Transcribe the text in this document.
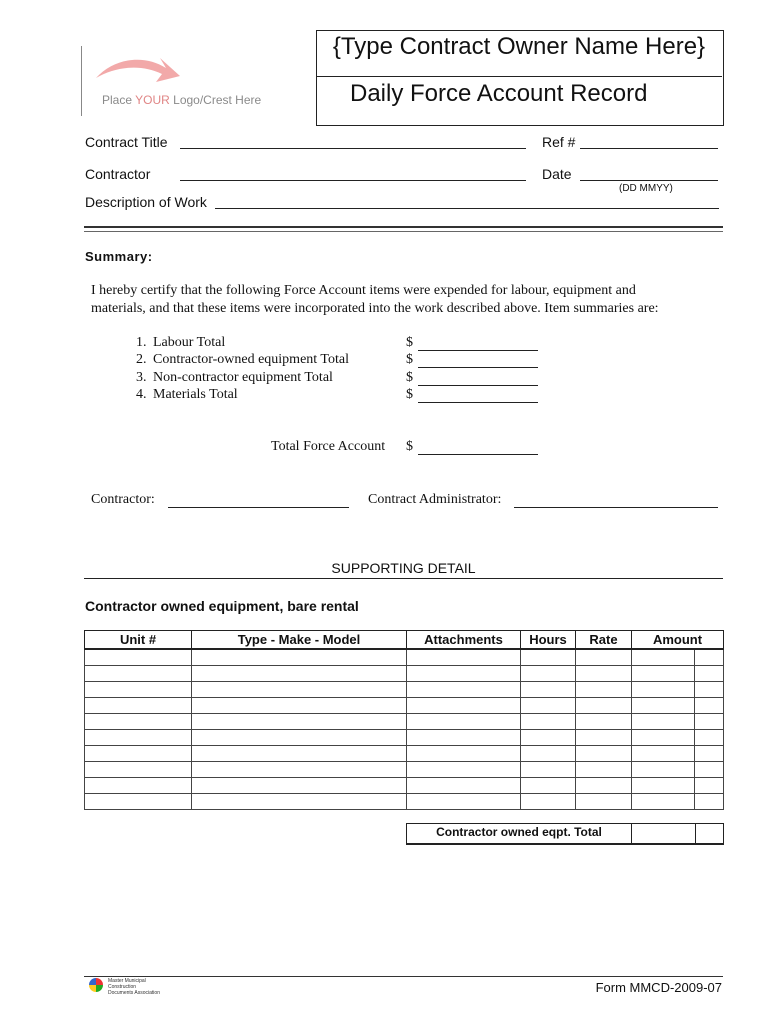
Place YOUR Logo/Crest Here
{Type Contract Owner Name Here}
Daily Force Account Record
Contract Title	Ref #
Contractor	Date
(DD MMYY)
Description of Work
Summary:
I hereby certify that the following Force Account items were expended for labour, equipment and
materials, and that these items were incorporated into the work described above. Item summaries are:
1. Labour Total	$
2. Contractor-owned equipment Total	$
3. Non-contractor equipment Total	$
4. Materials Total	$
Total Force Account $
Contractor:	Contract Administrator:
SUPPORTING DETAIL
Contractor owned equipment, bare rental
Unit #	Type - Make - Model	Attachments	Hours	Rate	Amount	

Contractor owned eqpt. Total
Master Municipal Construction
Documents Association	Form MMCD-2009-07
